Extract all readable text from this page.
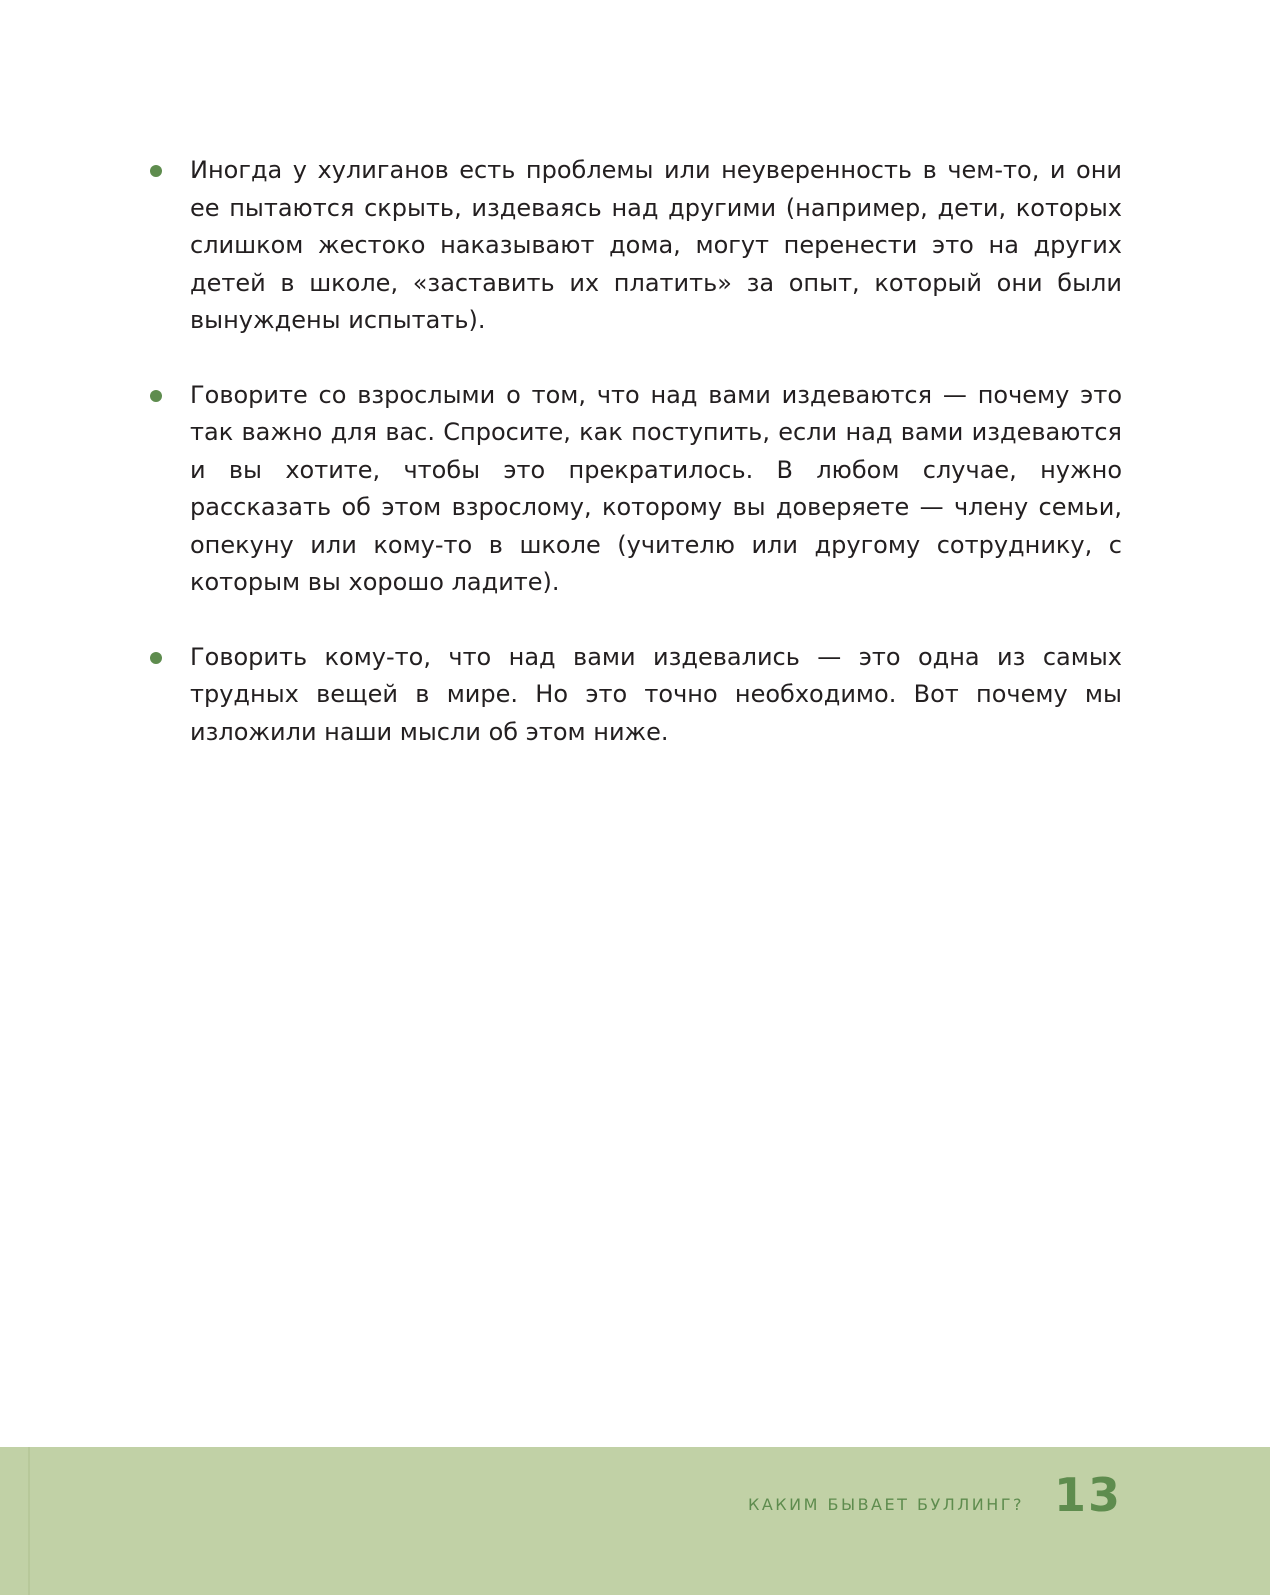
Иногда у хулиганов есть проблемы или неуверенность в чем-то, и они ее пытаются скрыть, издеваясь над другими (например, дети, которых слишком жестоко наказывают дома, могут перенести это на других детей в школе, «заставить их платить» за опыт, который они были вынуждены испытать).
Говорите со взрослыми о том, что над вами издеваются — почему это так важно для вас. Спросите, как поступить, если над вами издеваются и вы хотите, чтобы это прекратилось. В любом случае, нужно рассказать об этом взрослому, которому вы доверяете — члену семьи, опекуну или кому-то в школе (учителю или другому сотруднику, с которым вы хорошо ладите).
Говорить кому-то, что над вами издевались — это одна из самых трудных вещей в мире. Но это точно необходимо. Вот почему мы изложили наши мысли об этом ниже.
КАКИМ БЫВАЕТ БУЛЛИНГ? 13
